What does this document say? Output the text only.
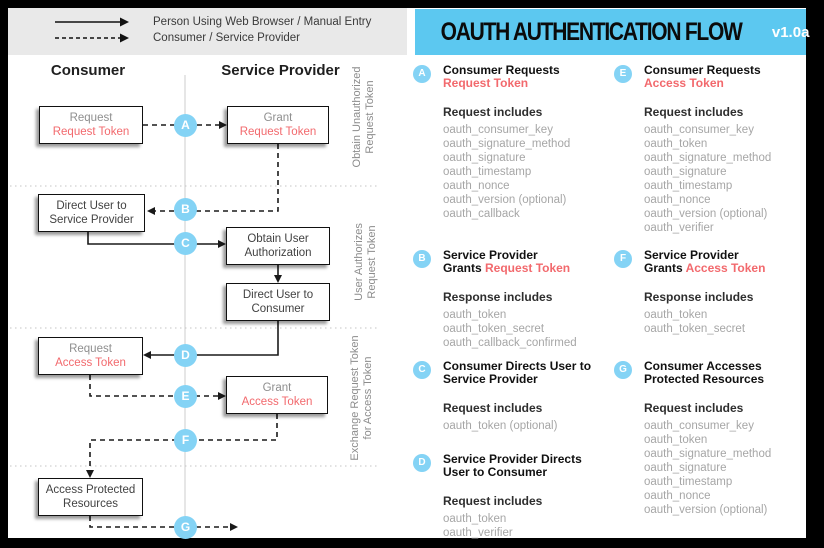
Person Using Web Browser / Manual Entry
Consumer / Service Provider	OAUTH AUTHENTICATION FLOW v1.0a
Consumer	Service Provider
Request
Request Token
Grant
Request Token
Direct User to
Service Provider
Obtain User
Authorization
Direct User to
Consumer
Request
Access Token
Grant
Access Token
Access Protected
Resources
A
B
C
D
E
F
G
Obtain Unauthorized
Request Token
User Authorizes
Request Token
Exchange Request Token
for Access Token
A	Consumer Requests
Request Token
Request includes
oauth_consumer_key
oauth_signature_method
oauth_signature
oauth_timestamp
oauth_nonce
oauth_version (optional)
oauth_callback
B	Service Provider
Grants Request Token
Response includes
oauth_token
oauth_token_secret
oauth_callback_confirmed
C	Consumer Directs User to
Service Provider
Request includes
oauth_token (optional)
D	Service Provider Directs
User to Consumer
Request includes
oauth_token
oauth_verifier
E	Consumer Requests
Access Token
Request includes
oauth_consumer_key
oauth_token
oauth_signature_method
oauth_signature
oauth_timestamp
oauth_nonce
oauth_version (optional)
oauth_verifier
F	Service Provider
Grants Access Token
Response includes
oauth_token
oauth_token_secret
G	Consumer Accesses
Protected Resources
Request includes
oauth_consumer_key
oauth_token
oauth_signature_method
oauth_signature
oauth_timestamp
oauth_nonce
oauth_version (optional)
